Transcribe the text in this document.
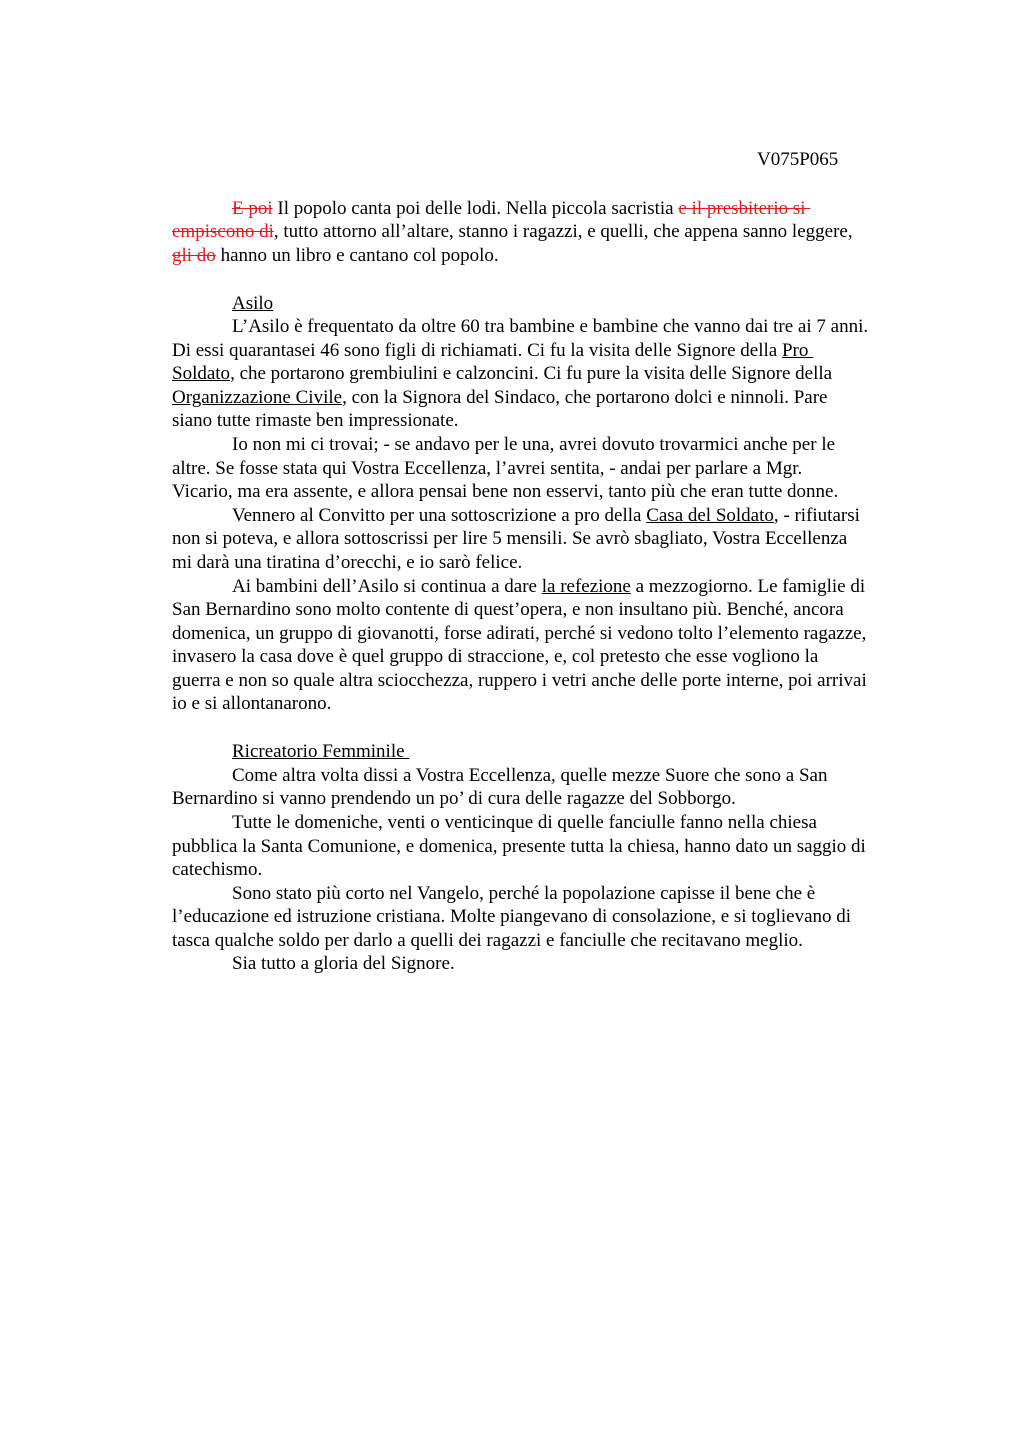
V075P065
E poi Il popolo canta poi delle lodi. Nella piccola sacristia e il presbiterio si
empiscono di, tutto attorno all’altare, stanno i ragazzi, e quelli, che appena sanno leggere,
gli do hanno un libro e cantano col popolo.
Asilo
L’Asilo è frequentato da oltre 60 tra bambine e bambine che vanno dai tre ai 7 anni.
Di essi quarantasei 46 sono figli di richiamati. Ci fu la visita delle Signore della Pro
Soldato, che portarono grembiulini e calzoncini. Ci fu pure la visita delle Signore della
Organizzazione Civile, con la Signora del Sindaco, che portarono dolci e ninnoli. Pare
siano tutte rimaste ben impressionate.
Io non mi ci trovai; - se andavo per le una, avrei dovuto trovarmici anche per le
altre. Se fosse stata qui Vostra Eccellenza, l’avrei sentita, - andai per parlare a Mgr.
Vicario, ma era assente, e allora pensai bene non esservi, tanto più che eran tutte donne.
Vennero al Convitto per una sottoscrizione a pro della Casa del Soldato, - rifiutarsi
non si poteva, e allora sottoscrissi per lire 5 mensili. Se avrò sbagliato, Vostra Eccellenza
mi darà una tiratina d’orecchi, e io sarò felice.
Ai bambini dell’Asilo si continua a dare la refezione a mezzogiorno. Le famiglie di
San Bernardino sono molto contente di quest’opera, e non insultano più. Benché, ancora
domenica, un gruppo di giovanotti, forse adirati, perché si vedono tolto l’elemento ragazze,
invasero la casa dove è quel gruppo di straccione, e, col pretesto che esse vogliono la
guerra e non so quale altra sciocchezza, ruppero i vetri anche delle porte interne, poi arrivai
io e si allontanarono.
Ricreatorio Femminile
Come altra volta dissi a Vostra Eccellenza, quelle mezze Suore che sono a San
Bernardino si vanno prendendo un po’ di cura delle ragazze del Sobborgo.
Tutte le domeniche, venti o venticinque di quelle fanciulle fanno nella chiesa
pubblica la Santa Comunione, e domenica, presente tutta la chiesa, hanno dato un saggio di
catechismo.
Sono stato più corto nel Vangelo, perché la popolazione capisse il bene che è
l’educazione ed istruzione cristiana. Molte piangevano di consolazione, e si toglievano di
tasca qualche soldo per darlo a quelli dei ragazzi e fanciulle che recitavano meglio.
Sia tutto a gloria del Signore.
